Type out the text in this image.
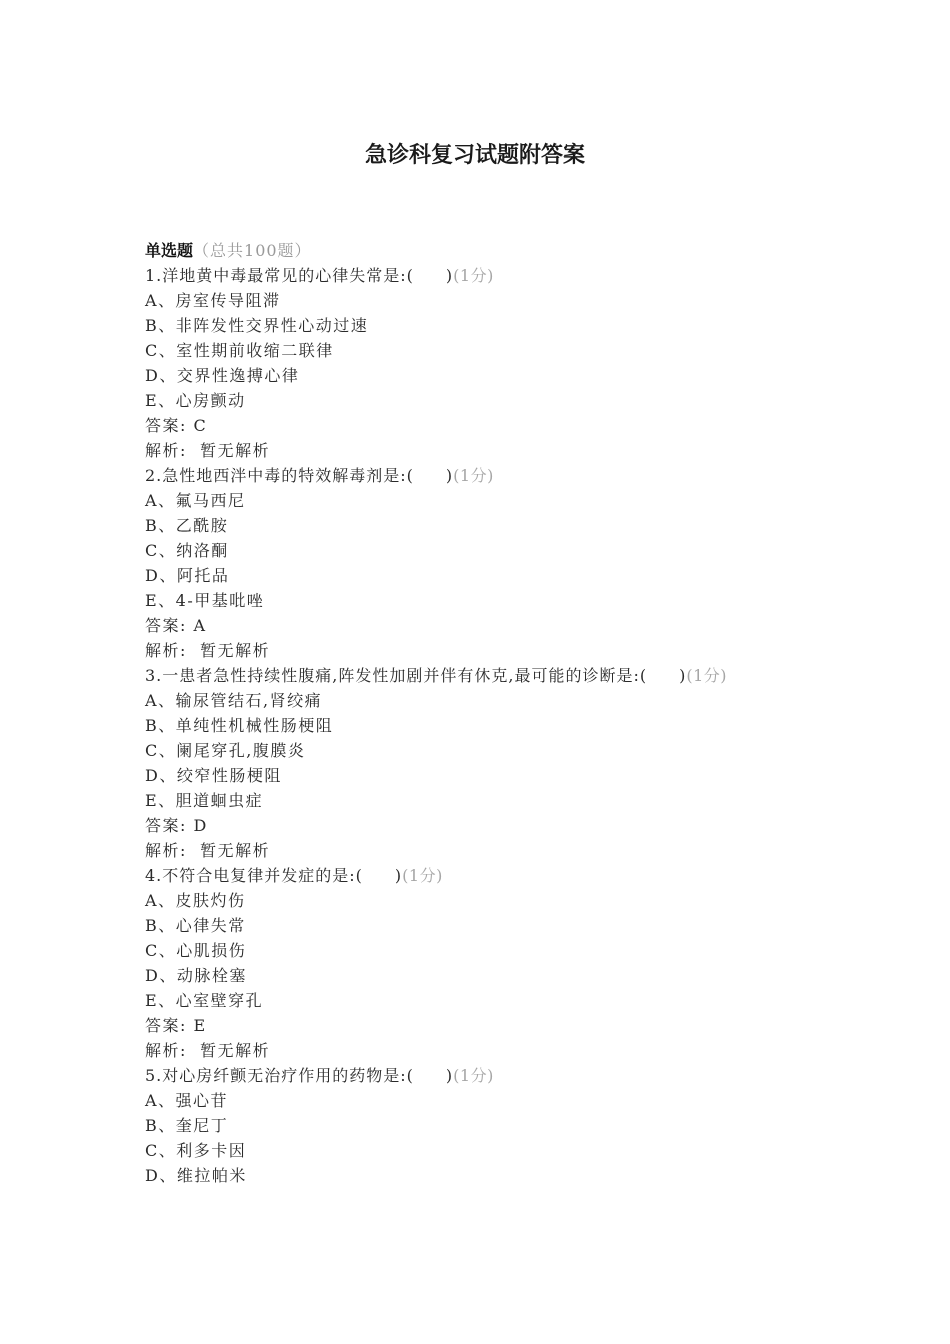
急诊科复习试题附答案
单选题（总共100题）
1.洋地黄中毒最常见的心律失常是:( )(1分)
A、房室传导阻滞
B、非阵发性交界性心动过速
C、室性期前收缩二联律
D、交界性逸搏心律
E、心房颤动
答案: C
解析:  暂无解析
2.急性地西泮中毒的特效解毒剂是:( )(1分)
A、氟马西尼
B、乙酰胺
C、纳洛酮
D、阿托品
E、4-甲基吡唑
答案: A
解析:  暂无解析
3.一患者急性持续性腹痛,阵发性加剧并伴有休克,最可能的诊断是:( )(1分)
A、输尿管结石,肾绞痛
B、单纯性机械性肠梗阻
C、阑尾穿孔,腹膜炎
D、绞窄性肠梗阻
E、胆道蛔虫症
答案: D
解析:  暂无解析
4.不符合电复律并发症的是:( )(1分)
A、皮肤灼伤
B、心律失常
C、心肌损伤
D、动脉栓塞
E、心室壁穿孔
答案: E
解析:  暂无解析
5.对心房纤颤无治疗作用的药物是:( )(1分)
A、强心苷
B、奎尼丁
C、利多卡因
D、维拉帕米
